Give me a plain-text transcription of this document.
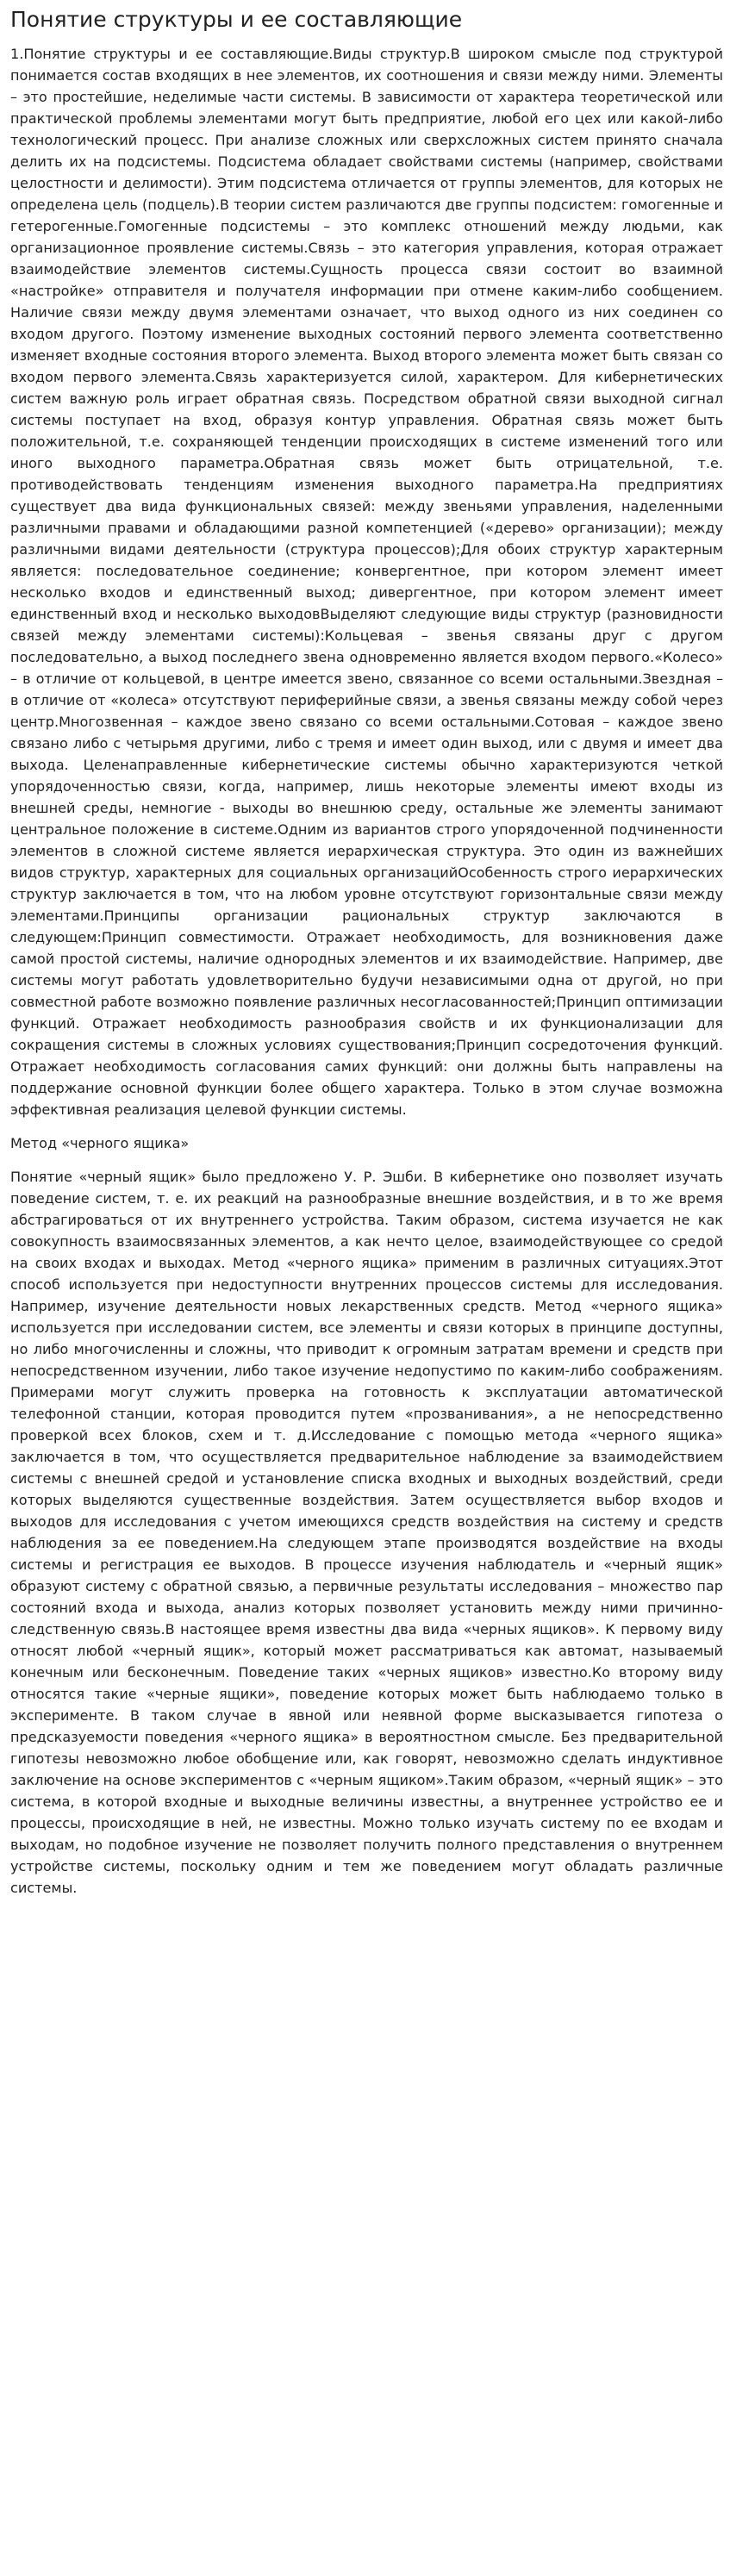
Понятие структуры и ее составляющие

1.Понятие структуры и ее составляющие.Виды структур.В широком смысле под структурой понимается состав входящих в нее элементов, их соотношения и связи между ними. Элементы – это простейшие, неделимые части системы. В зависимости от характера теоретической или практической проблемы элементами могут быть предприятие, любой его цех или какой-либо технологический процесс. При анализе сложных или сверхсложных систем принято сначала делить их на подсистемы. Подсистема обладает свойствами системы (например, свойствами целостности и делимости). Этим подсистема отличается от группы элементов, для которых не определена цель (подцель).В теории систем различаются две группы подсистем: гомогенные и гетерогенные.Гомогенные подсистемы – это комплекс отношений между людьми, как организационное проявление системы.Связь – это категория управления, которая отражает взаимодействие элементов системы.Сущность процесса связи состоит во взаимной «настройке» отправителя и получателя информации при отмене каким-либо сообщением. Наличие связи между двумя элементами означает, что выход одного из них соединен со входом другого. Поэтому изменение выходных состояний первого элемента соответственно изменяет входные состояния второго элемента. Выход второго элемента может быть связан со входом первого элемента.Связь характеризуется силой, характером. Для кибернетических систем важную роль играет обратная связь. Посредством обратной связи выходной сигнал системы поступает на вход, образуя контур управления. Обратная связь может быть положительной, т.е. сохраняющей тенденции происходящих в системе изменений того или иного выходного параметра.Обратная связь может быть отрицательной, т.е. противодействовать тенденциям изменения выходного параметра.На предприятиях существует два вида функциональных связей: между звеньями управления, наделенными различными правами и обладающими разной компетенцией («дерево» организации); между различными видами деятельности (структура процессов);Для обоих структур характерным является: последовательное соединение; конвергентное, при котором элемент имеет несколько входов и единственный выход; дивергентное, при котором элемент имеет единственный вход и несколько выходовВыделяют следующие виды структур (разновидности связей между элементами системы):Кольцевая – звенья связаны друг с другом последовательно, а выход последнего звена одновременно является входом первого.«Колесо» – в отличие от кольцевой, в центре имеется звено, связанное со всеми остальными.Звездная – в отличие от «колеса» отсутствуют периферийные связи, а звенья связаны между собой через центр.Многозвенная – каждое звено связано со всеми остальными.Сотовая – каждое звено связано либо с четырьмя другими, либо с тремя и имеет один выход, или с двумя и имеет два выхода. Целенаправленные кибернетические системы обычно характеризуются четкой упорядоченностью связи, когда, например, лишь некоторые элементы имеют входы из внешней среды, немногие - выходы во внешнюю среду, остальные же элементы занимают центральное положение в системе.Одним из вариантов строго упорядоченной подчиненности элементов в сложной системе является иерархическая структура. Это один из важнейших видов структур, характерных для социальных организацийОсобенность строго иерархических структур заключается в том, что на любом уровне отсутствуют горизонтальные связи между элементами.Принципы организации рациональных структур заключаются в следующем:Принцип совместимости. Отражает необходимость, для возникновения даже самой простой системы, наличие однородных элементов и их взаимодействие. Например, две системы могут работать удовлетворительно будучи независимыми одна от другой, но при совместной работе возможно появление различных несогласованностей;Принцип оптимизации функций. Отражает необходимость разнообразия свойств и их функционализации для сокращения системы в сложных условиях существования;Принцип сосредоточения функций. Отражает необходимость согласования самих функций: они должны быть направлены на поддержание основной функции более общего характера. Только в этом случае возможна эффективная реализация целевой функции системы.

Метод «черного ящика»

Понятие «черный ящик» было предложено У. Р. Эшби. В кибернетике оно позволяет изучать поведение систем, т. е. их реакций на разнообразные внешние воздействия, и в то же время абстрагироваться от их внутреннего устройства. Таким образом, система изучается не как совокупность взаимосвязанных элементов, а как нечто целое, взаимодействующее со средой на своих входах и выходах. Метод «черного ящика» применим в различных ситуациях.Этот способ используется при недоступности внутренних процессов системы для исследования. Например, изучение деятельности новых лекарственных средств. Метод «черного ящика» используется при исследовании систем, все элементы и связи которых в принципе доступны, но либо многочисленны и сложны, что приводит к огромным затратам времени и средств при непосредственном изучении, либо такое изучение недопустимо по каким-либо соображениям. Примерами могут служить проверка на готовность к эксплуатации автоматической телефонной станции, которая проводится путем «прозванивания», а не непосредственно проверкой всех блоков, схем и т. д.Исследование с помощью метода «черного ящика» заключается в том, что осуществляется предварительное наблюдение за взаимодействием системы с внешней средой и установление списка входных и выходных воздействий, среди которых выделяются существенные воздействия. Затем осуществляется выбор входов и выходов для исследования с учетом имеющихся средств воздействия на систему и средств наблюдения за ее поведением.На следующем этапе производятся воздействие на входы системы и регистрация ее выходов. В процессе изучения наблюдатель и «черный ящик» образуют систему с обратной связью, а первичные результаты исследования – множество пар состояний входа и выхода, анализ которых позволяет установить между ними причинно-следственную связь.В настоящее время известны два вида «черных ящиков». К первому виду относят любой «черный ящик», который может рассматриваться как автомат, называемый конечным или бесконечным. Поведение таких «черных ящиков» известно.Ко второму виду относятся такие «черные ящики», поведение которых может быть наблюдаемо только в эксперименте. В таком случае в явной или неявной форме высказывается гипотеза о предсказуемости поведения «черного ящика» в вероятностном смысле. Без предварительной гипотезы невозможно любое обобщение или, как говорят, невозможно сделать индуктивное заключение на основе экспериментов с «черным ящиком».Таким образом, «черный ящик» – это система, в которой входные и выходные величины известны, а внутреннее устройство ее и процессы, происходящие в ней, не известны. Можно только изучать систему по ее входам и выходам, но подобное изучение не позволяет получить полного представления о внутреннем устройстве системы, поскольку одним и тем же поведением могут обладать различные системы.
